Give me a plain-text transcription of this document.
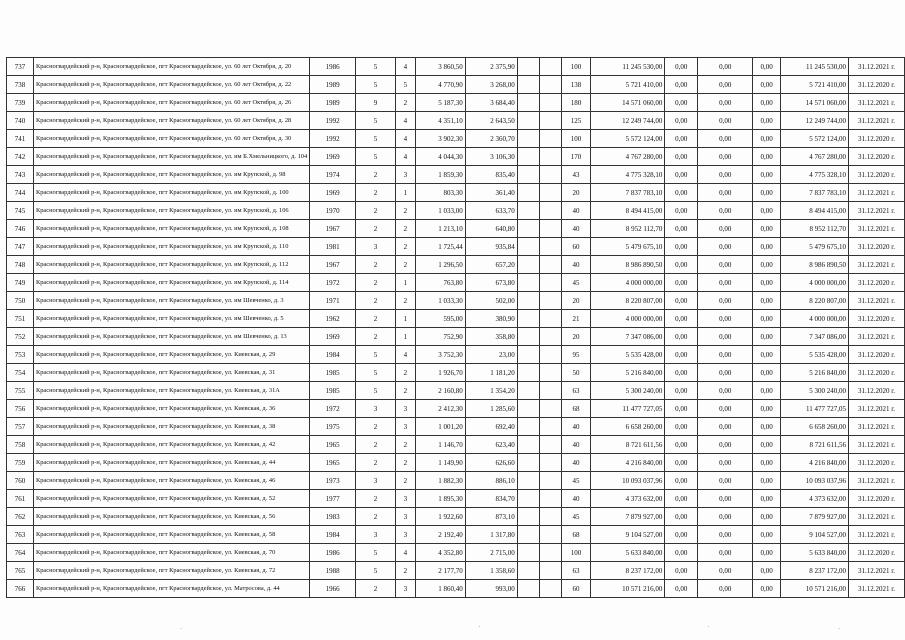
737	Красногвардейский р-н, Красногвардейское, пгт Красногвардейское, ул. 60 лет Октября, д. 20	1986	5	4	3 860,50	2 375,90			100	11 245 530,00	0,00	0,00	0,00	11 245 530,00	31.12.2021 г.
738	Красногвардейский р-н, Красногвардейское, пгт Красногвардейское, ул. 60 лет Октября, д. 22	1989	5	5	4 770,90	3 268,00			138	5 721 410,00	0,00	0,00	0,00	5 721 410,00	31.12.2020 г.
739	Красногвардейский р-н, Красногвардейское, пгт Красногвардейское, ул. 60 лет Октября, д. 26	1989	9	2	5 187,30	3 684,40			180	14 571 060,00	0,00	0,00	0,00	14 571 060,00	31.12.2021 г.
740	Красногвардейский р-н, Красногвардейское, пгт Красногвардейское, ул. 60 лет Октября, д. 28	1992	5	4	4 351,10	2 643,50			125	12 249 744,00	0,00	0,00	0,00	12 249 744,00	31.12.2021 г.
741	Красногвардейский р-н, Красногвардейское, пгт Красногвардейское, ул. 60 лет Октября, д. 30	1992	5	4	3 902,30	2 360,70			100	5 572 124,00	0,00	0,00	0,00	5 572 124,00	31.12.2020 г.
742	Красногвардейский р-н, Красногвардейское, пгт Красногвардейское, ул. им Б.Хмельницкого, д. 104	1969	5	4	4 044,30	3 106,30			170	4 767 280,00	0,00	0,00	0,00	4 767 280,00	31.12.2020 г.
743	Красногвардейский р-н, Красногвардейское, пгт Красногвардейское, ул. им Крупской, д. 98	1974	2	3	1 859,30	835,40			43	4 775 328,10	0,00	0,00	0,00	4 775 328,10	31.12.2020 г.
744	Красногвардейский р-н, Красногвардейское, пгт Красногвардейское, ул. им Крупской, д. 100	1969	2	1	803,30	361,40			20	7 837 783,10	0,00	0,00	0,00	7 837 783,10	31.12.2021 г.
745	Красногвардейский р-н, Красногвардейское, пгт Красногвардейское, ул. им Крупской, д. 106	1970	2	2	1 033,00	633,70			40	8 494 415,00	0,00	0,00	0,00	8 494 415,00	31.12.2021 г.
746	Красногвардейский р-н, Красногвардейское, пгт Красногвардейское, ул. им Крупской, д. 108	1967	2	2	1 213,10	640,80			40	8 952 112,70	0,00	0,00	0,00	8 952 112,70	31.12.2021 г.
747	Красногвардейский р-н, Красногвардейское, пгт Красногвардейское, ул. им Крупской, д. 110	1981	3	2	1 725,44	935,84			60	5 479 675,10	0,00	0,00	0,00	5 479 675,10	31.12.2020 г.
748	Красногвардейский р-н, Красногвардейское, пгт Красногвардейское, ул. им Крупской, д. 112	1967	2	2	1 296,50	657,20			40	8 986 890,50	0,00	0,00	0,00	8 986 890,50	31.12.2021 г.
749	Красногвардейский р-н, Красногвардейское, пгт Красногвардейское, ул. им Крупской, д. 114	1972	2	1	763,80	673,80			45	4 000 000,00	0,00	0,00	0,00	4 000 000,00	31.12.2020 г.
750	Красногвардейский р-н, Красногвардейское, пгт Красногвардейское, ул. им Шевченко, д. 3	1971	2	2	1 033,30	502,00			20	8 220 807,00	0,00	0,00	0,00	8 220 807,00	31.12.2021 г.
751	Красногвардейский р-н, Красногвардейское, пгт Красногвардейское, ул. им Шевченко, д. 5	1962	2	1	595,00	380,90			21	4 000 000,00	0,00	0,00	0,00	4 000 000,00	31.12.2020 г.
752	Красногвардейский р-н, Красногвардейское, пгт Красногвардейское, ул. им Шевченко, д. 13	1969	2	1	752,90	358,80			20	7 347 086,00	0,00	0,00	0,00	7 347 086,00	31.12.2021 г.
753	Красногвардейский р-н, Красногвардейское, пгт Красногвардейское, ул. Киевская, д. 29	1984	5	4	3 752,30	23,00			95	5 535 428,00	0,00	0,00	0,00	5 535 428,00	31.12.2020 г.
754	Красногвардейский р-н, Красногвардейское, пгт Красногвардейское, ул. Киевская, д. 31	1985	5	2	1 926,70	1 181,20			50	5 216 840,00	0,00	0,00	0,00	5 216 840,00	31.12.2020 г.
755	Красногвардейский р-н, Красногвардейское, пгт Красногвардейское, ул. Киевская, д. 31А	1985	5	2	2 160,80	1 354,20			63	5 300 240,00	0,00	0,00	0,00	5 300 240,00	31.12.2020 г.
756	Красногвардейский р-н, Красногвардейское, пгт Красногвардейское, ул. Киевская, д. 36	1972	3	3	2 412,30	1 285,60			68	11 477 727,05	0,00	0,00	0,00	11 477 727,05	31.12.2021 г.
757	Красногвардейский р-н, Красногвардейское, пгт Красногвардейское, ул. Киевская, д. 38	1975	2	3	1 001,20	692,40			40	6 658 260,00	0,00	0,00	0,00	6 658 260,00	31.12.2021 г.
758	Красногвардейский р-н, Красногвардейское, пгт Красногвардейское, ул. Киевская, д. 42	1965	2	2	1 146,70	623,40			40	8 721 611,56	0,00	0,00	0,00	8 721 611,56	31.12.2021 г.
759	Красногвардейский р-н, Красногвардейское, пгт Красногвардейское, ул. Киевская, д. 44	1965	2	2	1 149,90	626,60			40	4 216 840,00	0,00	0,00	0,00	4 216 840,00	31.12.2020 г.
760	Красногвардейский р-н, Красногвардейское, пгт Красногвардейское, ул. Киевская, д. 46	1973	3	2	1 882,30	886,10			45	10 093 037,96	0,00	0,00	0,00	10 093 037,96	31.12.2021 г.
761	Красногвардейский р-н, Красногвардейское, пгт Красногвардейское, ул. Киевская, д. 52	1977	2	3	1 895,30	834,70			40	4 373 632,00	0,00	0,00	0,00	4 373 632,00	31.12.2020 г.
762	Красногвардейский р-н, Красногвардейское, пгт Красногвардейское, ул. Киевская, д. 56	1983	2	3	1 922,60	873,10			45	7 879 927,00	0,00	0,00	0,00	7 879 927,00	31.12.2021 г.
763	Красногвардейский р-н, Красногвардейское, пгт Красногвардейское, ул. Киевская, д. 58	1984	3	3	2 192,40	1 317,80			68	9 104 527,00	0,00	0,00	0,00	9 104 527,00	31.12.2021 г.
764	Красногвардейский р-н, Красногвардейское, пгт Красногвардейское, ул. Киевская, д. 70	1986	5	4	4 352,80	2 715,00			100	5 633 840,00	0,00	0,00	0,00	5 633 840,00	31.12.2020 г.
765	Красногвардейский р-н, Красногвардейское, пгт Красногвардейское, ул. Киевская, д. 72	1988	5	2	2 177,70	1 358,60			63	8 237 172,00	0,00	0,00	0,00	8 237 172,00	31.12.2021 г.
766	Красногвардейский р-н, Красногвардейское, пгт Красногвардейское, ул. Матросова, д. 44	1966	2	3	1 860,40	993,00			60	10 571 216,00	0,00	0,00	0,00	10 571 216,00	31.12.2021 г.
.	·	·	.
